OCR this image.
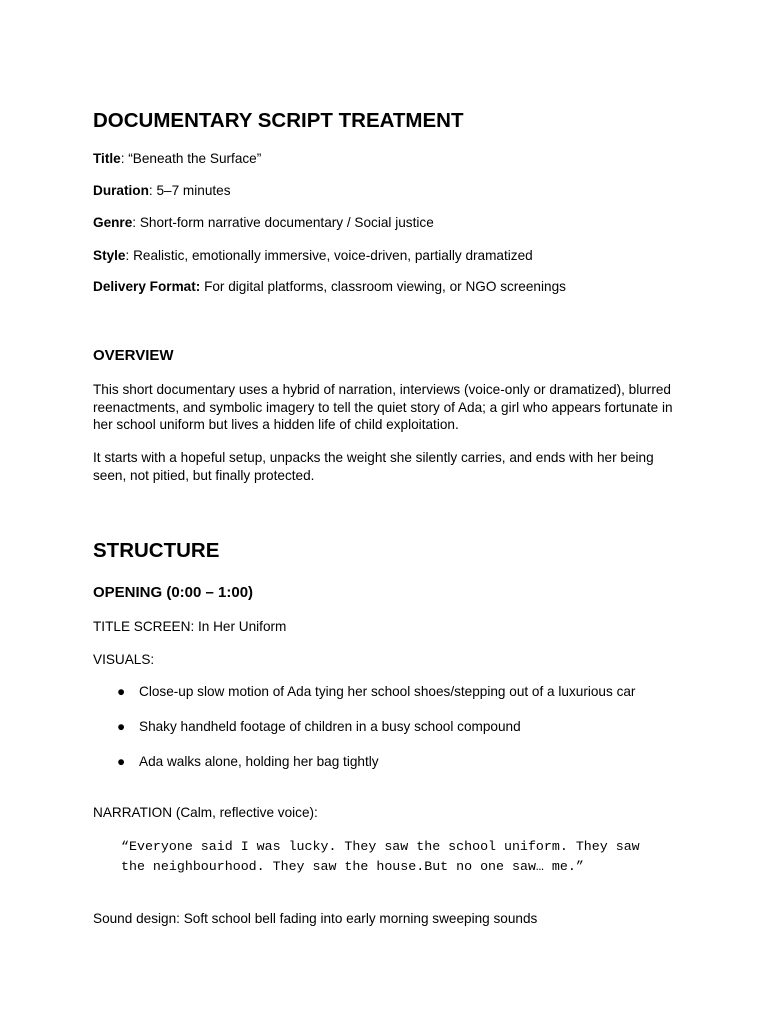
DOCUMENTARY SCRIPT TREATMENT
Title: “Beneath the Surface”
Duration: 5–7 minutes
Genre: Short-form narrative documentary / Social justice
Style: Realistic, emotionally immersive, voice-driven, partially dramatized
Delivery Format: For digital platforms, classroom viewing, or NGO screenings
OVERVIEW

This short documentary uses a hybrid of narration, interviews (voice-only or dramatized), blurred reenactments, and symbolic imagery to tell the quiet story of Ada; a girl who appears fortunate in her school uniform but lives a hidden life of child exploitation.

It starts with a hopeful setup, unpacks the weight she silently carries, and ends with her being seen, not pitied, but finally protected.

STRUCTURE
OPENING (0:00 – 1:00)
TITLE SCREEN: In Her Uniform
VISUALS:
● Close-up slow motion of Ada tying her school shoes/stepping out of a luxurious car
● Shaky handheld footage of children in a busy school compound
● Ada walks alone, holding her bag tightly
NARRATION (Calm, reflective voice):

“Everyone said I was lucky. They saw the school uniform. They saw the neighbourhood. They saw the house.But no one saw… me.”

Sound design: Soft school bell fading into early morning sweeping sounds
